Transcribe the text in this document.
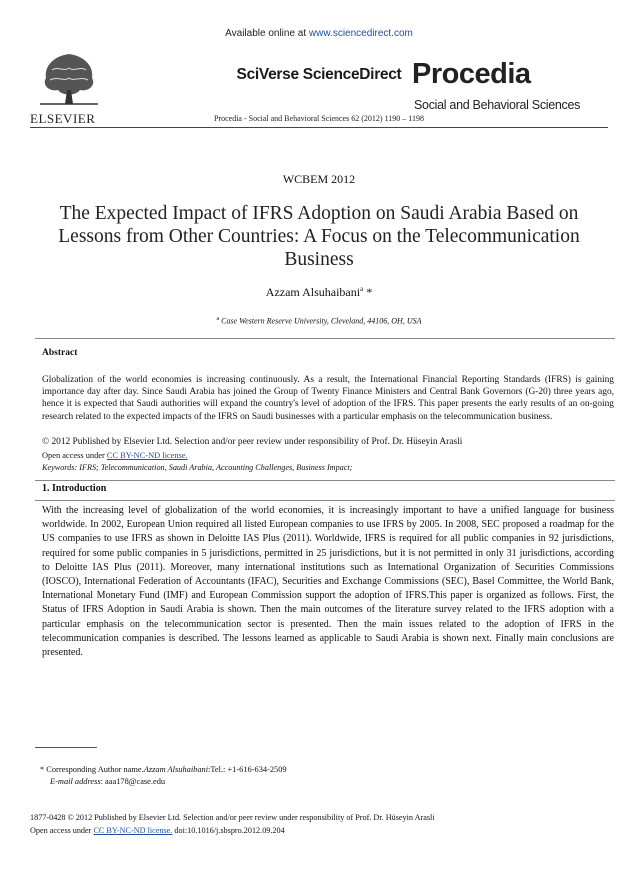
ELSEVIER
Available online at www.sciencedirect.com
SciVerse ScienceDirect
Procedia - Social and Behavioral Sciences 62 (2012) 1190 – 1198
Procedia
Social and Behavioral Sciences
WCBEM 2012
The Expected Impact of IFRS Adoption on Saudi Arabia Based on Lessons from Other Countries: A Focus on the Telecommunication Business
Azzam Alsuhaibani$^a$ *
$^a$ Case Western Reserve University, Cleveland, 44106, OH, USA
Abstract
Globalization of the world economies is increasing continuously. As a result, the International Financial Reporting Standards (IFRS) is gaining importance day after day. Since Saudi Arabia has joined the Group of Twenty Finance Ministers and Central Bank Governors (G-20) three years ago, hence it is expected that Saudi authorities will expand the country's level of adoption of the IFRS. This paper presents the early results of an on-going research related to the expected impacts of the IFRS on Saudi businesses with a particular emphasis on the telecommunication business.
© 2012 Published by Elsevier Ltd. Selection and/or peer review under responsibility of Prof. Dr. Hüseyin Arasli
Open access under CC BY-NC-ND license.
Keywords: IFRS; Telecommunication, Saudi Arabia, Accounting Challenges, Business Impact;
1. Introduction
With the increasing level of globalization of the world economies, it is increasingly important to have a unified language for business worldwide. In 2002, European Union required all listed European companies to use IFRS by 2005. In 2008, SEC proposed a roadmap for the US companies to use IFRS as shown in Deloitte IAS Plus (2011). Worldwide, IFRS is required for all public companies in 92 jurisdictions, required for some public companies in 5 jurisdictions, permitted in 25 jurisdictions, but it is not permitted in only 31 jurisdictions, according to Deloitte IAS Plus (2011). Moreover, many international institutions such as International Organization of Securities Commissions (IOSCO), International Federation of Accountants (IFAC), Securities and Exchange Commissions (SEC), Basel Committee, the World Bank, International Monetary Fund (IMF) and European Commission support the adoption of IFRS.This paper is organized as follows. First, the Status of IFRS Adoption in Saudi Arabia is shown. Then the main outcomes of the literature survey related to the IFRS adoption with a particular emphasis on the telecommunication sector is presented. Then the main issues related to the adoption of IFRS in the telecommunication companies is described. The lessons learned as applicable to Saudi Arabia is shown next. Finally main conclusions are presented.
* Corresponding Author name.Azzam Alsuhaibani:Tel.: +1-616-634-2509
E-mail address: aaa178@case.edu
1877-0428 © 2012 Published by Elsevier Ltd. Selection and/or peer review under responsibility of Prof. Dr. Hüseyin Arasli
Open access under CC BY-NC-ND license. doi:10.1016/j.sbspro.2012.09.204
